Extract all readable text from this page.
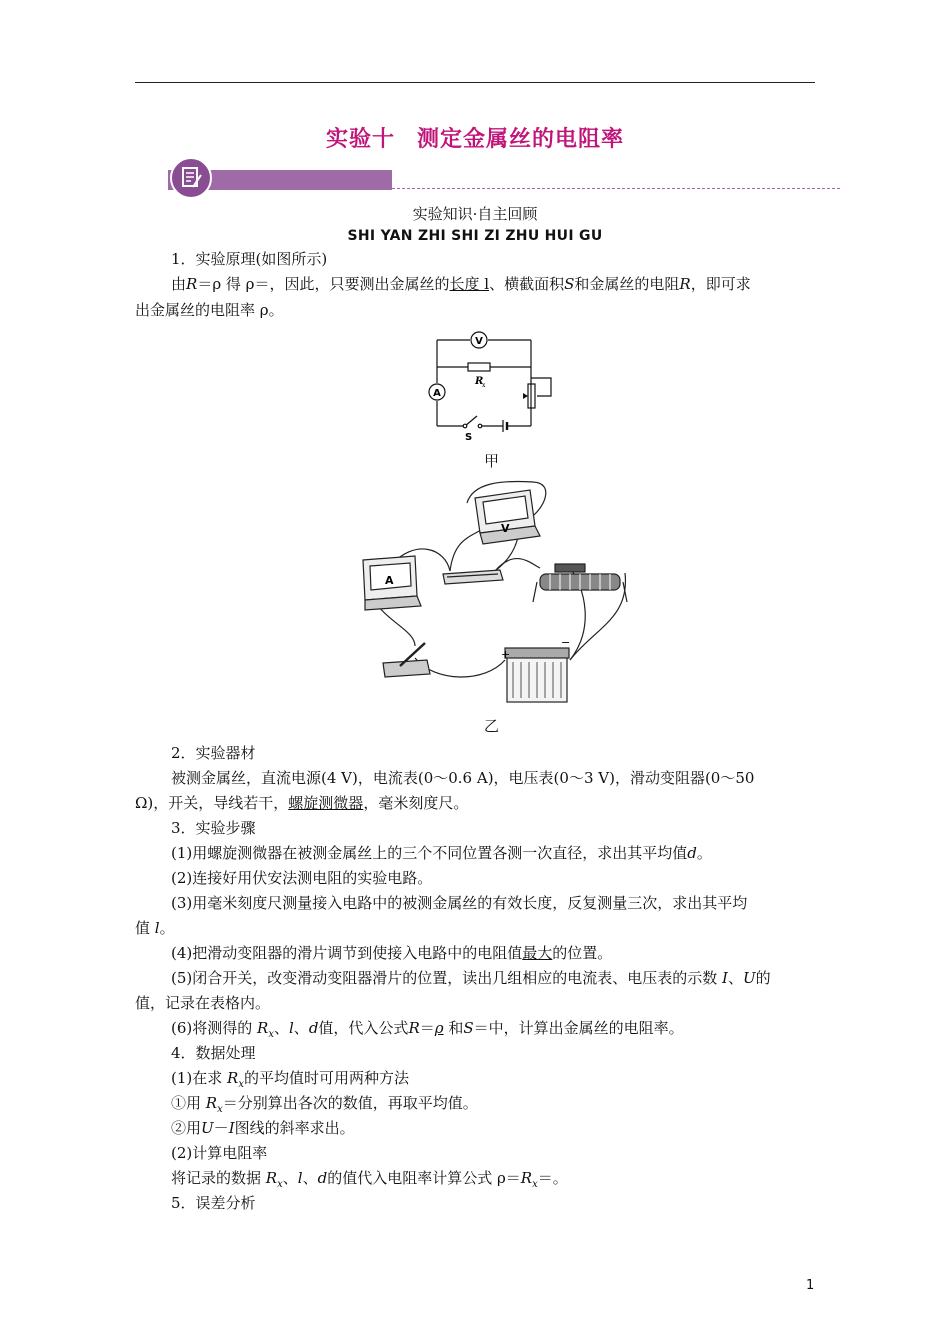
实验十 测定金属丝的电阻率
实验知识·自主回顾
SHI YAN ZHI SHI ZI ZHU HUI GU
1．实验原理(如图所示)
由R＝ρ 得 ρ＝，因此，只要测出金属丝的长度 l、横截面积S和金属丝的电阻R，即可求
出金属丝的电阻率 ρ。
V
A
R
x
S
甲
V
A
+
−
乙
2．实验器材
被测金属丝，直流电源(4 V)，电流表(0～0.6 A)，电压表(0～3 V)，滑动变阻器(0～50
Ω)，开关，导线若干，螺旋测微器，毫米刻度尺。
3．实验步骤
(1)用螺旋测微器在被测金属丝上的三个不同位置各测一次直径，求出其平均值d。
(2)连接好用伏安法测电阻的实验电路。
(3)用毫米刻度尺测量接入电路中的被测金属丝的有效长度，反复测量三次，求出其平均
值 l。
(4)把滑动变阻器的滑片调节到使接入电路中的电阻值最大的位置。
(5)闭合开关，改变滑动变阻器滑片的位置，读出几组相应的电流表、电压表的示数 I、U的
值，记录在表格内。
(6)将测得的 $R_x$、l、d值，代入公式R＝ρ 和S＝中，计算出金属丝的电阻率。
4．数据处理
(1)在求 $R_x$的平均值时可用两种方法
①用 $R_x=$分别算出各次的数值，再取平均值。
②用U－I图线的斜率求出。
(2)计算电阻率
将记录的数据 $R_x$、l、d的值代入电阻率计算公式 $\rho=R_x=$。
5．误差分析
1
